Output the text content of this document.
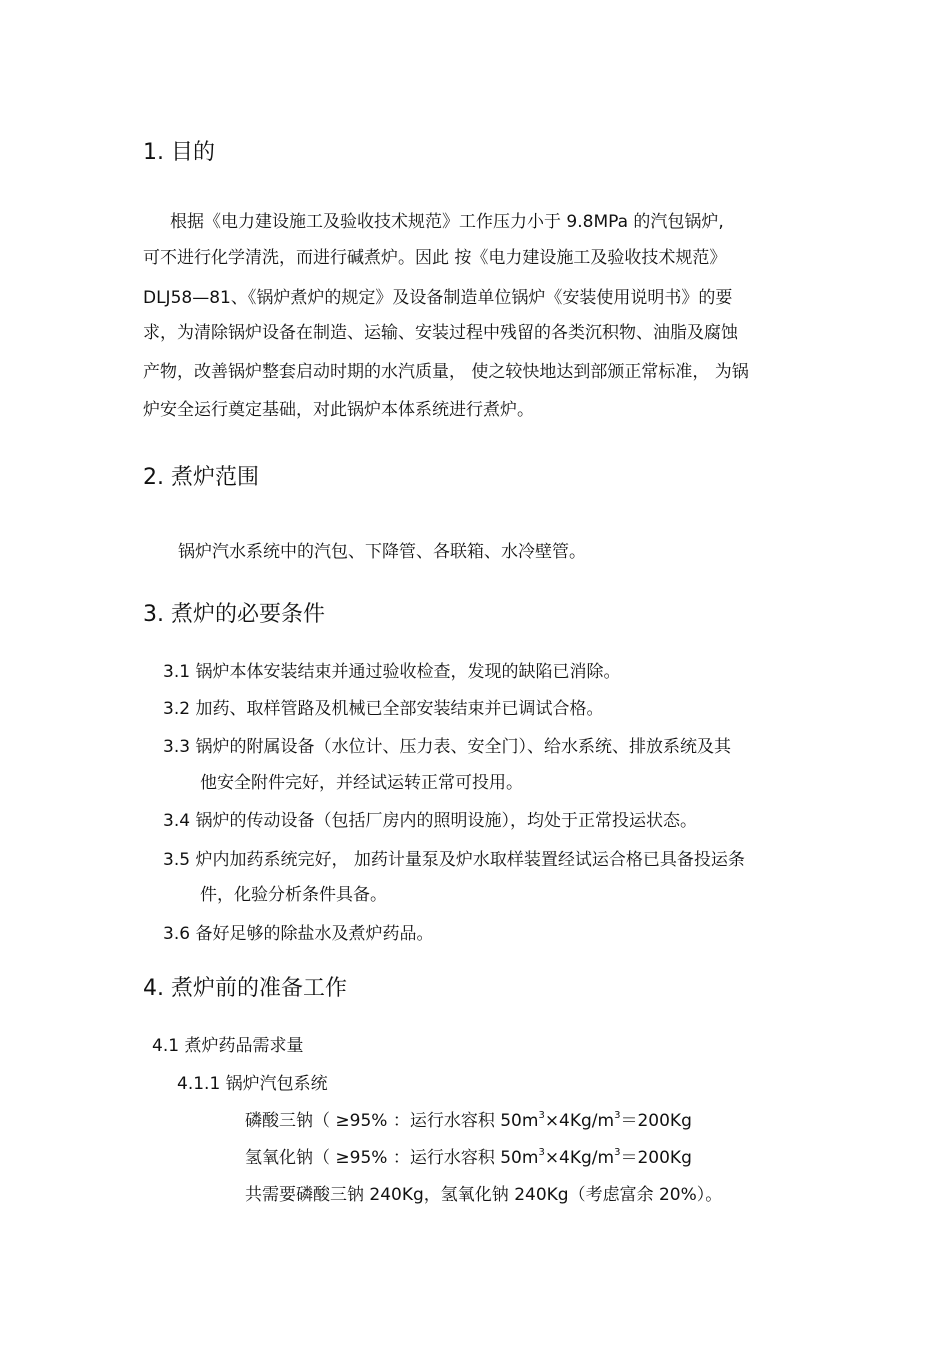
1. 目的
根据《电力建设施工及验收技术规范》工作压力小于 9.8MPa 的汽包锅炉,
可不进行化学清洗，而进行碱煮炉。因此 按《电力建设施工及验收技术规范》
DLJ58—81、《锅炉煮炉的规定》及设备制造单位锅炉《安装使用说明书》的要
求，为清除锅炉设备在制造、运输、安装过程中残留的各类沉积物、油脂及腐蚀
产物，改善锅炉整套启动时期的水汽质量， 使之较快地达到部颁正常标准， 为锅
炉安全运行奠定基础，对此锅炉本体系统进行煮炉。
2. 煮炉范围
锅炉汽水系统中的汽包、下降管、各联箱、水冷壁管。
3. 煮炉的必要条件
3.1 锅炉本体安装结束并通过验收检查，发现的缺陷已消除。
3.2 加药、取样管路及机械已全部安装结束并已调试合格。
3.3 锅炉的附属设备（水位计、压力表、安全门）、给水系统、排放系统及其
他安全附件完好，并经试运转正常可投用。
3.4 锅炉的传动设备（包括厂房内的照明设施），均处于正常投运状态。
3.5 炉内加药系统完好， 加药计量泵及炉水取样装置经试运合格已具备投运条
件，化验分析条件具备。
3.6 备好足够的除盐水及煮炉药品。
4. 煮炉前的准备工作
4.1 煮炉药品需求量
4.1.1 锅炉汽包系统
磷酸三钠（ ≥95% ：运行水容积 $50m^3\times 4Kg/m^3=200Kg$
氢氧化钠（ ≥95% ：运行水容积 $50m^3\times 4Kg/m^3=200Kg$
共需要磷酸三钠 240Kg，氢氧化钠 240Kg（考虑富余 20%）。
